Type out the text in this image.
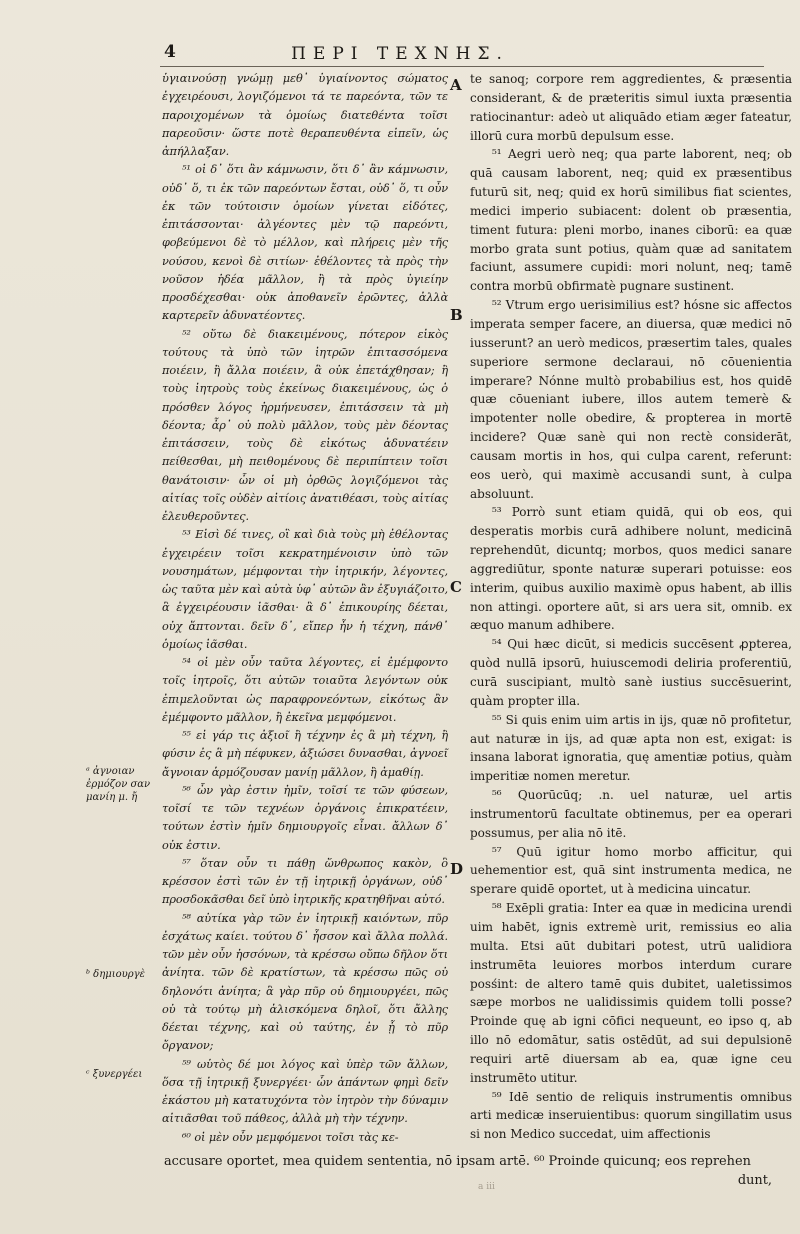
4	ΠΕΡΙ ΤΕΧΝΗΣ.

ὑγιαινούσῃ γνώμῃ μεθ᾽ ὑγιαίνοντος σώματος ἐγχειρέουσι, λογιζόμενοι τά τε παρεόντα, τῶν τε παροιχομένων τὰ ὁμοίως διατεθέντα τοῖσι παρεοῦσιν· ὥστε ποτὲ θεραπευθέντα εἰπεῖν, ὡς ἀπήλλαξαν.

⁵¹ οἱ δ᾽ ὅτι ἂν κάμνωσιν, ὅτι δ᾽ ἂν κάμνωσιν, οὐδ᾽ ὅ, τι ἐκ τῶν παρεόντων ἔσται, οὐδ᾽ ὅ, τι οὖν ἐκ τῶν τούτοισιν ὁμοίων γίνεται εἰδότες, ἐπιτάσσονται· ἀλγέοντες μὲν τῷ παρεόντι, φοβεύμενοι δὲ τὸ μέλλον, καὶ πλήρεις μὲν τῆς νούσου, κενοὶ δὲ σιτίων· ἐθέλοντες τὰ πρὸς τὴν νοῦσον ἡδέα μᾶλλον, ἢ τὰ πρὸς ὑγιείην προσδέχεσθαι· οὐκ ἀποθανεῖν ἐρῶντες, ἀλλὰ καρτερεῖν ἀδυνατέοντες.

⁵² οὕτω δὲ διακειμένους, πότερον εἰκὸς τούτους τὰ ὑπὸ τῶν ἰητρῶν ἐπιτασσόμενα ποιέειν, ἢ ἄλλα ποιέειν, ἃ οὐκ ἐπετάχθησαν; ἢ τοὺς ἰητροὺς τοὺς ἐκείνως διακειμένους, ὡς ὁ πρόσθεν λόγος ἡρμήνευσεν, ἐπιτάσσειν τὰ μὴ δέοντα; ἆρ᾽ οὐ πολὺ μᾶλλον, τοὺς μὲν δέοντας ἐπιτάσσειν, τοὺς δὲ εἰκότως ἀδυνατέειν πείθεσθαι, μὴ πειθομένους δὲ περιπίπτειν τοῖσι θανάτοισιν· ὧν οἱ μὴ ὀρθῶς λογιζόμενοι τὰς αἰτίας τοῖς οὐδὲν αἰτίοις ἀνατιθέασι, τοὺς αἰτίας ἐλευθεροῦντες.

⁵³ Εἰσὶ δέ τινες, οἳ καὶ διὰ τοὺς μὴ ἐθέλοντας ἐγχειρέειν τοῖσι κεκρατημένοισιν ὑπὸ τῶν νουσημάτων, μέμφονται τὴν ἰητρικήν, λέγοντες, ὡς ταῦτα μὲν καὶ αὐτὰ ὑφ᾽ αὐτῶν ἂν ἐξυγιάζοιτο, ἃ ἐγχειρέουσιν ἰᾶσθαι· ἃ δ᾽ ἐπικουρίης δέεται, οὐχ ἅπτονται. δεῖν δ᾽, εἴπερ ἦν ἡ τέχνη, πάνθ᾽ ὁμοίως ἰᾶσθαι.

⁵⁴ οἱ μὲν οὖν ταῦτα λέγοντες, εἰ ἐμέμφοντο τοῖς ἰητροῖς, ὅτι αὐτῶν τοιαῦτα λεγόντων οὐκ ἐπιμελοῦνται ὡς παραφρονεόντων, εἰκότως ἂν ἐμέμφοντο μᾶλλον, ἢ ἐκεῖνα μεμφόμενοι.

⁵⁵ εἰ γάρ τις ἀξιοῖ ἢ τέχνην ἐς ἃ μὴ τέχνη, ἢ φύσιν ἐς ἃ μὴ πέφυκεν, ἀξιώσει δυνασθαι, ἀγνοεῖ ἄγνοιαν ἁρμόζουσαν μανίῃ μᾶλλον, ἢ ἀμαθίῃ.

⁵⁶ ὧν γὰρ ἐστιν ἡμῖν, τοῖσί τε τῶν φύσεων, τοῖσί τε τῶν τεχνέων ὀργάνοις ἐπικρατέειν, τούτων ἐστὶν ἡμῖν δημιουργοῖς εἶναι. ἄλλων δ᾽ οὐκ ἐστιν.

⁵⁷ ὅταν οὖν τι πάθῃ ὥνθρωπος κακὸν, ὃ κρέσσον ἐστὶ τῶν ἐν τῇ ἰητρικῇ ὀργάνων, οὐδ᾽ προσδοκᾶσθαι δεῖ ὑπὸ ἰητρικῆς κρατηθῆναι αὐτό.

⁵⁸ αὐτίκα γὰρ τῶν ἐν ἰητρικῇ καιόντων, πῦρ ἐσχάτως καίει. τούτου δ᾽ ἧσσον καὶ ἄλλα πολλά. τῶν μὲν οὖν ἡσσόνων, τὰ κρέσσω οὔπω δῆλον ὅτι ἀνίητα. τῶν δὲ κρατίστων, τὰ κρέσσω πῶς οὐ δηλονότι ἀνίητα; ἃ γὰρ πῦρ οὐ δημιουργέει, πῶς οὐ τὰ τούτῳ μὴ ἁλισκόμενα δηλοῖ, ὅτι ἄλλης δέεται τέχνης, καὶ οὐ ταύτης, ἐν ᾗ τὸ πῦρ ὄργανον;

⁵⁹ ωὑτὸς δέ μοι λόγος καὶ ὑπὲρ τῶν ἄλλων, ὅσα τῇ ἰητρικῇ ξυνεργέει· ὧν ἁπάντων φημὶ δεῖν ἑκάστου μὴ κατατυχόντα τὸν ἰητρὸν τὴν δύναμιν αἰτιᾶσθαι τοῦ πάθεος, ἀλλὰ μὴ τὴν τέχνην.

⁶⁰ οἱ μὲν οὖν μεμφόμενοι τοῖσι τὰς κε-

A
B
C
D
ᵃ ἀγνοιαν ἐρμόζον σαν μανίη μ. ἤ
ᵇ δημιουργὲ
ᶜ ξυνεργέει

te sanoq; corpore rem aggredientes, & præsentia considerant, & de præteritis simul iuxta præsentia ratiocinantur: adeò ut aliquādo etiam æger fateatur, illorū cura morbū depulsum esse.

⁵¹ Aegri uerò neq; qua parte laborent, neq; ob quā causam laborent, neq; quid ex præsentibus futurū sit, neq; quid ex horū similibus fiat scientes, medici imperio subiacent: dolent ob præsentia, timent futura: pleni morbo, inanes ciborū: ea quæ morbo grata sunt potius, quàm quæ ad sanitatem faciunt, assumere cupidi: mori nolunt, neq; tamē contra morbū obfirmatè pugnare sustinent.

⁵² Vtrum ergo uerisimilius est? hósne sic affectos imperata semper facere, an diuersa, quæ medici nō iusserunt? an uerò medicos, præsertim tales, quales superiore sermone declaraui, nō cōuenientia imperare? Nónne multò probabilius est, hos quidē quæ cōueniant iubere, illos autem temerè & impotenter nolle obedire, & propterea in mortē incidere? Quæ sanè qui non rectè considerāt, causam mortis in hos, qui culpa carent, referunt: eos uerò, qui maximè accusandi sunt, à culpa absoluunt.

⁵³ Porrò sunt etiam quidā, qui ob eos, qui desperatis morbis curā adhibere nolunt, medicinā reprehendūt, dicuntq; morbos, quos medici sanare aggrediūtur, sponte naturæ superari potuisse: eos interim, quibus auxilio maximè opus habent, ab illis non attingi. oportere aūt, si ars uera sit, omnib. ex æquo manum adhibere.

⁵⁴ Qui hæc dicūt, si medicis succēsent ꝓpterea, quòd nullā ipsorū, huiuscemodi deliria proferentiū, curā suscipiant, multò sanè iustius succēsuerint, quàm propter illa.

⁵⁵ Si quis enim uim artis in ijs, quæ nō profitetur, aut naturæ in ijs, ad quæ apta non est, exigat: is insana laborat ignoratia, quę amentiæ potius, quàm imperitiæ nomen meretur.

⁵⁶ Quorūcūq; .n. uel naturæ, uel artis instrumentorū facultate obtinemus, per ea operari possumus, per alia nō itē.

⁵⁷ Quū igitur homo morbo afficitur, qui uehementior est, quā sint instrumenta medica, ne sperare quidē oportet, ut à medicina uincatur.

⁵⁸ Exēpli gratia: Inter ea quæ in medicina urendi uim habēt, ignis extremè urit, remissius eo alia multa. Etsi aūt dubitari potest, utrū ualidiora instrumēta leuiores morbos interdum curare posśint: de altero tamē quis dubitet, ualetissimos sæpe morbos ne ualidissimis quidem tolli posse? Proinde quę ab igni cōfici nequeunt, eo ipso q, ab illo nō edomātur, satis ostēdūt, ad sui depulsionē requiri artē diuersam ab ea, quæ igne ceu instrumēto utitur.

⁵⁹ Idē sentio de reliquis instrumentis omnibus arti medicæ inseruientibus: quorum singillatim usus si non Medico succedat, uim affectionis

accusare oportet, mea quidem sententia, nō ipsam artē. ⁶⁰ Proinde quicunq; eos reprehen
dunt,
a iii
